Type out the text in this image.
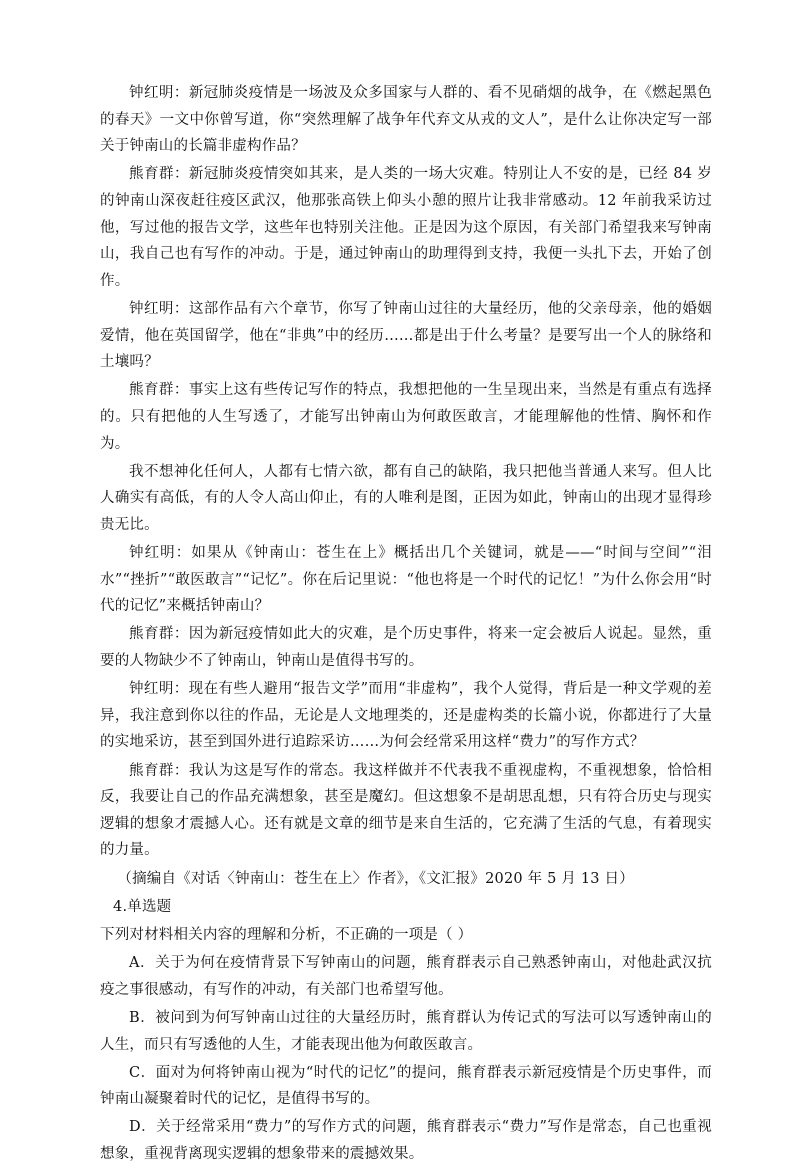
钟红明：新冠肺炎疫情是一场波及众多国家与人群的、看不见硝烟的战争，在《燃起黑色的春天》一文中你曾写道，你“突然理解了战争年代弃文从戎的文人”，是什么让你决定写一部关于钟南山的长篇非虚构作品？

熊育群：新冠肺炎疫情突如其来，是人类的一场大灾难。特别让人不安的是，已经 84 岁的钟南山深夜赶往疫区武汉，他那张高铁上仰头小憩的照片让我非常感动。12 年前我采访过他，写过他的报告文学，这些年也特别关注他。正是因为这个原因，有关部门希望我来写钟南山，我自己也有写作的冲动。于是，通过钟南山的助理得到支持，我便一头扎下去，开始了创作。

钟红明：这部作品有六个章节，你写了钟南山过往的大量经历，他的父亲母亲，他的婚姻爱情，他在英国留学，他在“非典”中的经历……都是出于什么考量？是要写出一个人的脉络和土壤吗？

熊育群：事实上这有些传记写作的特点，我想把他的一生呈现出来，当然是有重点有选择的。只有把他的人生写透了，才能写出钟南山为何敢医敢言，才能理解他的性情、胸怀和作为。

我不想神化任何人，人都有七情六欲，都有自己的缺陷，我只把他当普通人来写。但人比人确实有高低，有的人令人高山仰止，有的人唯利是图，正因为如此，钟南山的出现才显得珍贵无比。

钟红明：如果从《钟南山：苍生在上》概括出几个关键词，就是——“时间与空间”“泪水”“挫折”“敢医敢言”“记忆”。你在后记里说：“他也将是一个时代的记忆！”为什么你会用“时代的记忆”来概括钟南山？

熊育群：因为新冠疫情如此大的灾难，是个历史事件，将来一定会被后人说起。显然，重要的人物缺少不了钟南山，钟南山是值得书写的。

钟红明：现在有些人避用“报告文学”而用“非虚构”，我个人觉得，背后是一种文学观的差异，我注意到你以往的作品，无论是人文地理类的，还是虚构类的长篇小说，你都进行了大量的实地采访，甚至到国外进行追踪采访……为何会经常采用这样“费力”的写作方式？

熊育群：我认为这是写作的常态。我这样做并不代表我不重视虚构，不重视想象，恰恰相反，我要让自己的作品充满想象，甚至是魔幻。但这想象不是胡思乱想，只有符合历史与现实逻辑的想象才震撼人心。还有就是文章的细节是来自生活的，它充满了生活的气息，有着现实的力量。

（摘编自《对话〈钟南山：苍生在上〉作者》，《文汇报》2020 年 5 月 13 日）

4.单选题

下列对材料相关内容的理解和分析，不正确的一项是（ ）

A．关于为何在疫情背景下写钟南山的问题，熊育群表示自己熟悉钟南山，对他赴武汉抗疫之事很感动，有写作的冲动，有关部门也希望写他。

B．被问到为何写钟南山过往的大量经历时，熊育群认为传记式的写法可以写透钟南山的人生，而只有写透他的人生，才能表现出他为何敢医敢言。

C．面对为何将钟南山视为“时代的记忆”的提问，熊育群表示新冠疫情是个历史事件，而钟南山凝聚着时代的记忆，是值得书写的。

D．关于经常采用“费力”的写作方式的问题，熊育群表示“费力”写作是常态，自己也重视想象，重视背离现实逻辑的想象带来的震撼效果。
